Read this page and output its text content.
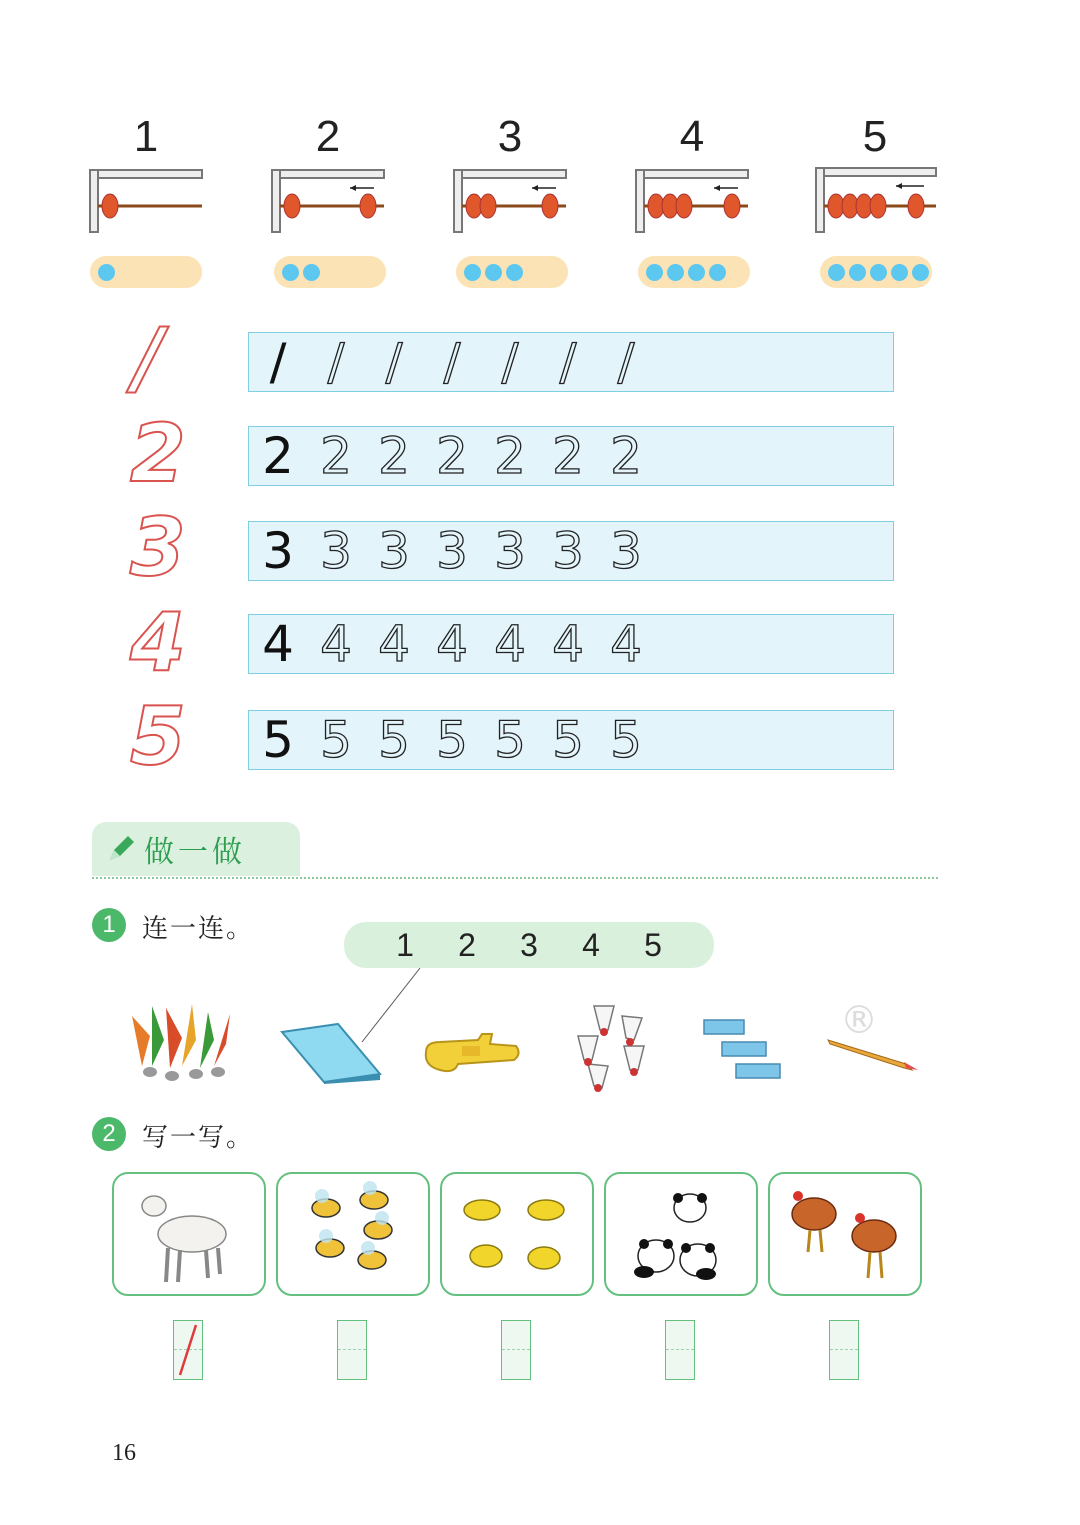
1	2	3	4	5
/
2
3
4
5
/ / / / / / /
2 2 2 2 2 2 2
3 3 3 3 3 3 3
4 4 4 4 4 4 4
5 5 5 5 5 5 5
做一做
1	连一连。	1 2 3 4 5
®
2	写一写。
16
